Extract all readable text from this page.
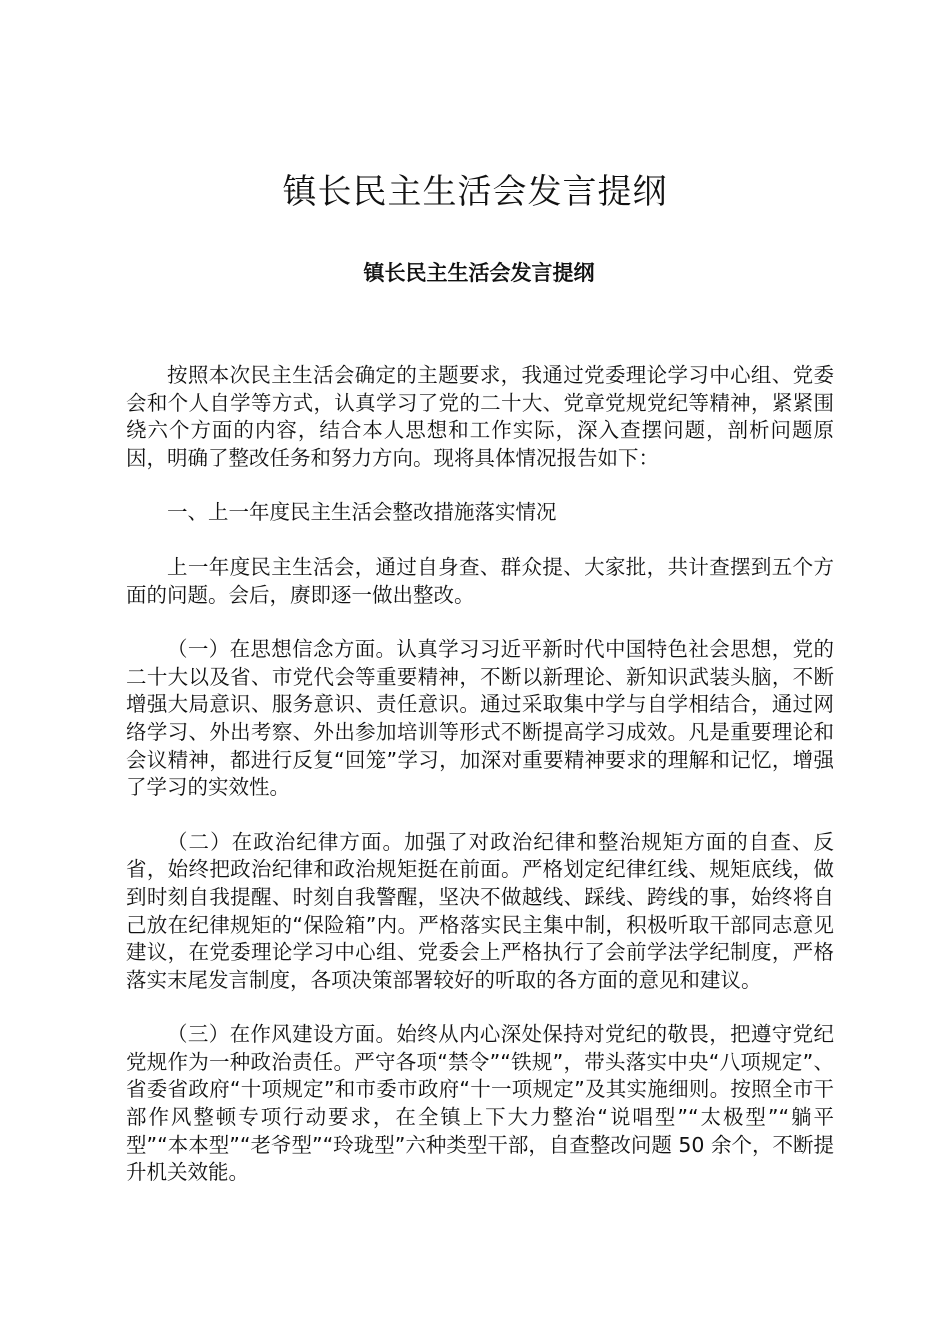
镇长民主生活会发言提纲
镇长民主生活会发言提纲

按照本次民主生活会确定的主题要求，我通过党委理论学习中心组、党委会和个人自学等方式，认真学习了党的二十大、党章党规党纪等精神，紧紧围绕六个方面的内容，结合本人思想和工作实际，深入查摆问题，剖析问题原因，明确了整改任务和努力方向。现将具体情况报告如下：

一、上一年度民主生活会整改措施落实情况

上一年度民主生活会，通过自身查、群众提、大家批，共计查摆到五个方面的问题。会后，赓即逐一做出整改。

（一）在思想信念方面。认真学习习近平新时代中国特色社会思想，党的二十大以及省、市党代会等重要精神，不断以新理论、新知识武装头脑，不断增强大局意识、服务意识、责任意识。通过采取集中学与自学相结合，通过网络学习、外出考察、外出参加培训等形式不断提高学习成效。凡是重要理论和会议精神，都进行反复“回笼”学习，加深对重要精神要求的理解和记忆，增强了学习的实效性。

（二）在政治纪律方面。加强了对政治纪律和整治规矩方面的自查、反省，始终把政治纪律和政治规矩挺在前面。严格划定纪律红线、规矩底线，做到时刻自我提醒、时刻自我警醒，坚决不做越线、踩线、跨线的事，始终将自己放在纪律规矩的“保险箱”内。严格落实民主集中制，积极听取干部同志意见建议，在党委理论学习中心组、党委会上严格执行了会前学法学纪制度，严格落实末尾发言制度，各项决策部署较好的听取的各方面的意见和建议。

（三）在作风建设方面。始终从内心深处保持对党纪的敬畏，把遵守党纪党规作为一种政治责任。严守各项“禁令”“铁规”，带头落实中央“八项规定”、省委省政府“十项规定”和市委市政府“十一项规定”及其实施细则。按照全市干部作风整顿专项行动要求，在全镇上下大力整治“说唱型”“太极型”“躺平型”“本本型”“老爷型”“玲珑型”六种类型干部，自查整改问题 50 余个，不断提升机关效能。
